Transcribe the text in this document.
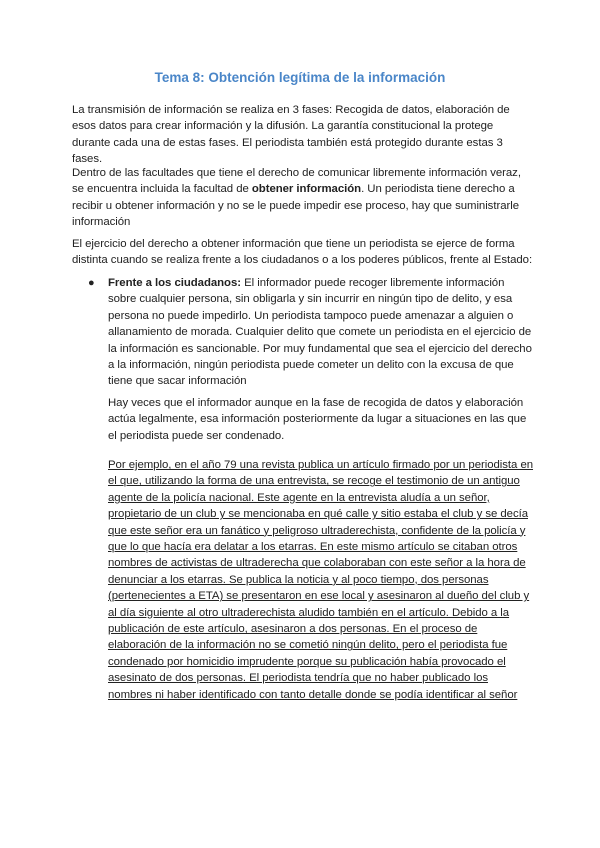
Tema 8: Obtención legítima de la información

La transmisión de información se realiza en 3 fases: Recogida de datos, elaboración de esos datos para crear información y la difusión. La garantía constitucional la protege durante cada una de estas fases. El periodista también está protegido durante estas 3 fases.

Dentro de las facultades que tiene el derecho de comunicar libremente información veraz, se encuentra incluida la facultad de obtener información. Un periodista tiene derecho a recibir u obtener información y no se le puede impedir ese proceso, hay que suministrarle información

El ejercicio del derecho a obtener información que tiene un periodista se ejerce de forma distinta cuando se realiza frente a los ciudadanos o a los poderes públicos, frente al Estado:

● Frente a los ciudadanos: El informador puede recoger libremente información sobre cualquier persona, sin obligarla y sin incurrir en ningún tipo de delito, y esa persona no puede impedirlo. Un periodista tampoco puede amenazar a alguien o allanamiento de morada. Cualquier delito que comete un periodista en el ejercicio de la información es sancionable. Por muy fundamental que sea el ejercicio del derecho a la información, ningún periodista puede cometer un delito con la excusa de que tiene que sacar información

Hay veces que el informador aunque en la fase de recogida de datos y elaboración actúa legalmente, esa información posteriormente da lugar a situaciones en las que el periodista puede ser condenado.

Por ejemplo, en el año 79 una revista publica un artículo firmado por un periodista en el que, utilizando la forma de una entrevista, se recoge el testimonio de un antiguo agente de la policía nacional. Este agente en la entrevista aludía a un señor, propietario de un club y se mencionaba en qué calle y sitio estaba el club y se decía que este señor era un fanático y peligroso ultraderechista, confidente de la policía y que lo que hacía era delatar a los etarras. En este mismo artículo se citaban otros nombres de activistas de ultraderecha que colaboraban con este señor a la hora de denunciar a los etarras. Se publica la noticia y al poco tiempo, dos personas (pertenecientes a ETA) se presentaron en ese local y asesinaron al dueño del club y al día siguiente al otro ultraderechista aludido también en el artículo. Debido a la publicación de este artículo, asesinaron a dos personas. En el proceso de elaboración de la información no se cometió ningún delito, pero el periodista fue condenado por homicidio imprudente porque su publicación había provocado el asesinato de dos personas. El periodista tendría que no haber publicado los nombres ni haber identificado con tanto detalle donde se podía identificar al señor
